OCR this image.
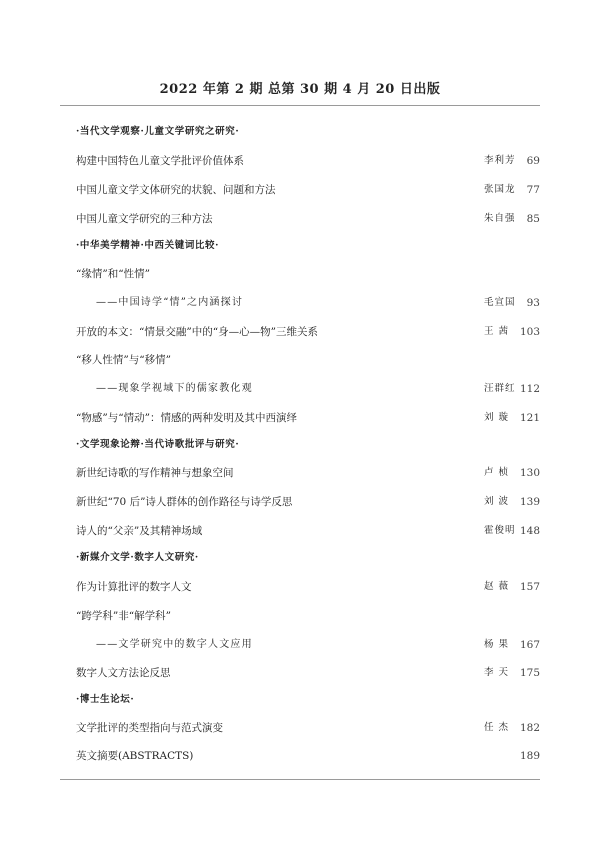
2022 年第 2 期 总第 30 期 4 月 20 日出版
·当代文学观察·儿童文学研究之研究·
构建中国特色儿童文学批评价值体系	李利芳	69
中国儿童文学文体研究的状貌、问题和方法	张国龙	77
中国儿童文学研究的三种方法	朱自强	85
·中华美学精神·中西关键词比较·
“缘情”和“性情”
——中国诗学“情”之内涵探讨	毛宣国	93
开放的本文：“情景交融”中的“身—心—物”三维关系	王 茜	103
“移人性情”与“移情”
——现象学视域下的儒家教化观	汪群红 112
“物感”与“情动”：情感的两种发明及其中西演绎	刘 璇	121
·文学现象论辩·当代诗歌批评与研究·
新世纪诗歌的写作精神与想象空间	卢 桢	130
新世纪“70 后”诗人群体的创作路径与诗学反思	刘 波	139
诗人的“父亲”及其精神场域	霍俊明 148
·新媒介文学·数字人文研究·
作为计算批评的数字人文	赵 薇	157
“跨学科”非“解学科”
——文学研究中的数字人文应用	杨 果	167
数字人文方法论反思	李 天	175
·博士生论坛·
文学批评的类型指向与范式演变	任 杰	182
英文摘要(ABSTRACTS)	189
